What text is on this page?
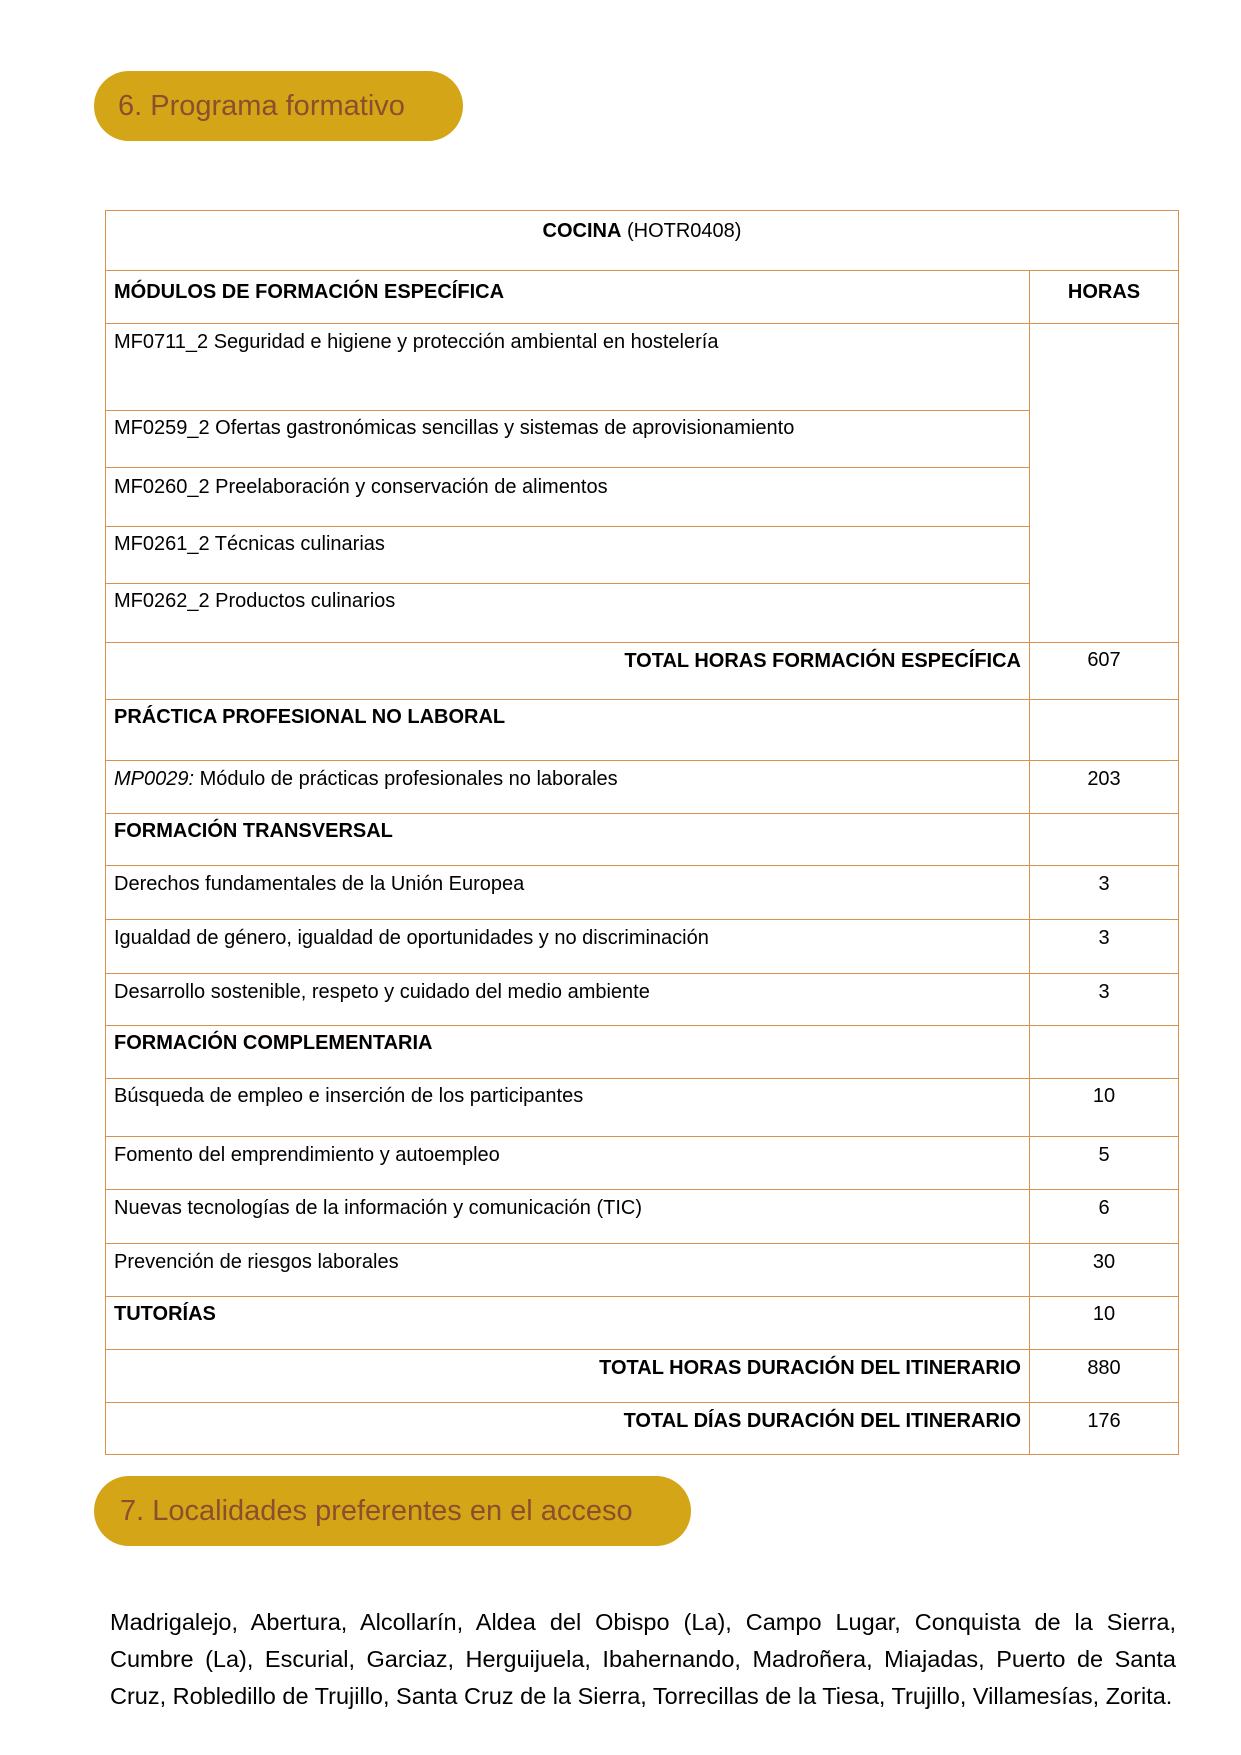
6. Programa formativo
COCINA (HOTR0408)	

MÓDULOS DE FORMACIÓN ESPECÍFICA	HORAS

MF0711_2 Seguridad e higiene y protección ambiental en hostelería	

MF0259_2 Ofertas gastronómicas sencillas y sistemas de aprovisionamiento	

MF0260_2 Preelaboración y conservación de alimentos	

MF0261_2 Técnicas culinarias	

MF0262_2 Productos culinarios	

TOTAL HORAS FORMACIÓN ESPECÍFICA	607

PRÁCTICA PROFESIONAL NO LABORAL	

MP0029: Módulo de prácticas profesionales no laborales	203

FORMACIÓN TRANSVERSAL	

Derechos fundamentales de la Unión Europea	3

Igualdad de género, igualdad de oportunidades y no discriminación	3

Desarrollo sostenible, respeto y cuidado del medio ambiente	3

FORMACIÓN COMPLEMENTARIA	

Búsqueda de empleo e inserción de los participantes	10

Fomento del emprendimiento y autoempleo	5

Nuevas tecnologías de la información y comunicación (TIC)	6

Prevención de riesgos laborales	30

TUTORÍAS	10

TOTAL HORAS DURACIÓN DEL ITINERARIO	880

TOTAL DÍAS DURACIÓN DEL ITINERARIO	176
7. Localidades preferentes en el acceso

Madrigalejo, Abertura, Alcollarín, Aldea del Obispo (La), Campo Lugar, Conquista de la Sierra, Cumbre (La), Escurial, Garciaz, Herguijuela, Ibahernando, Madroñera, Miajadas, Puerto de Santa Cruz, Robledillo de Trujillo, Santa Cruz de la Sierra, Torrecillas de la Tiesa, Trujillo, Villamesías, Zorita.
